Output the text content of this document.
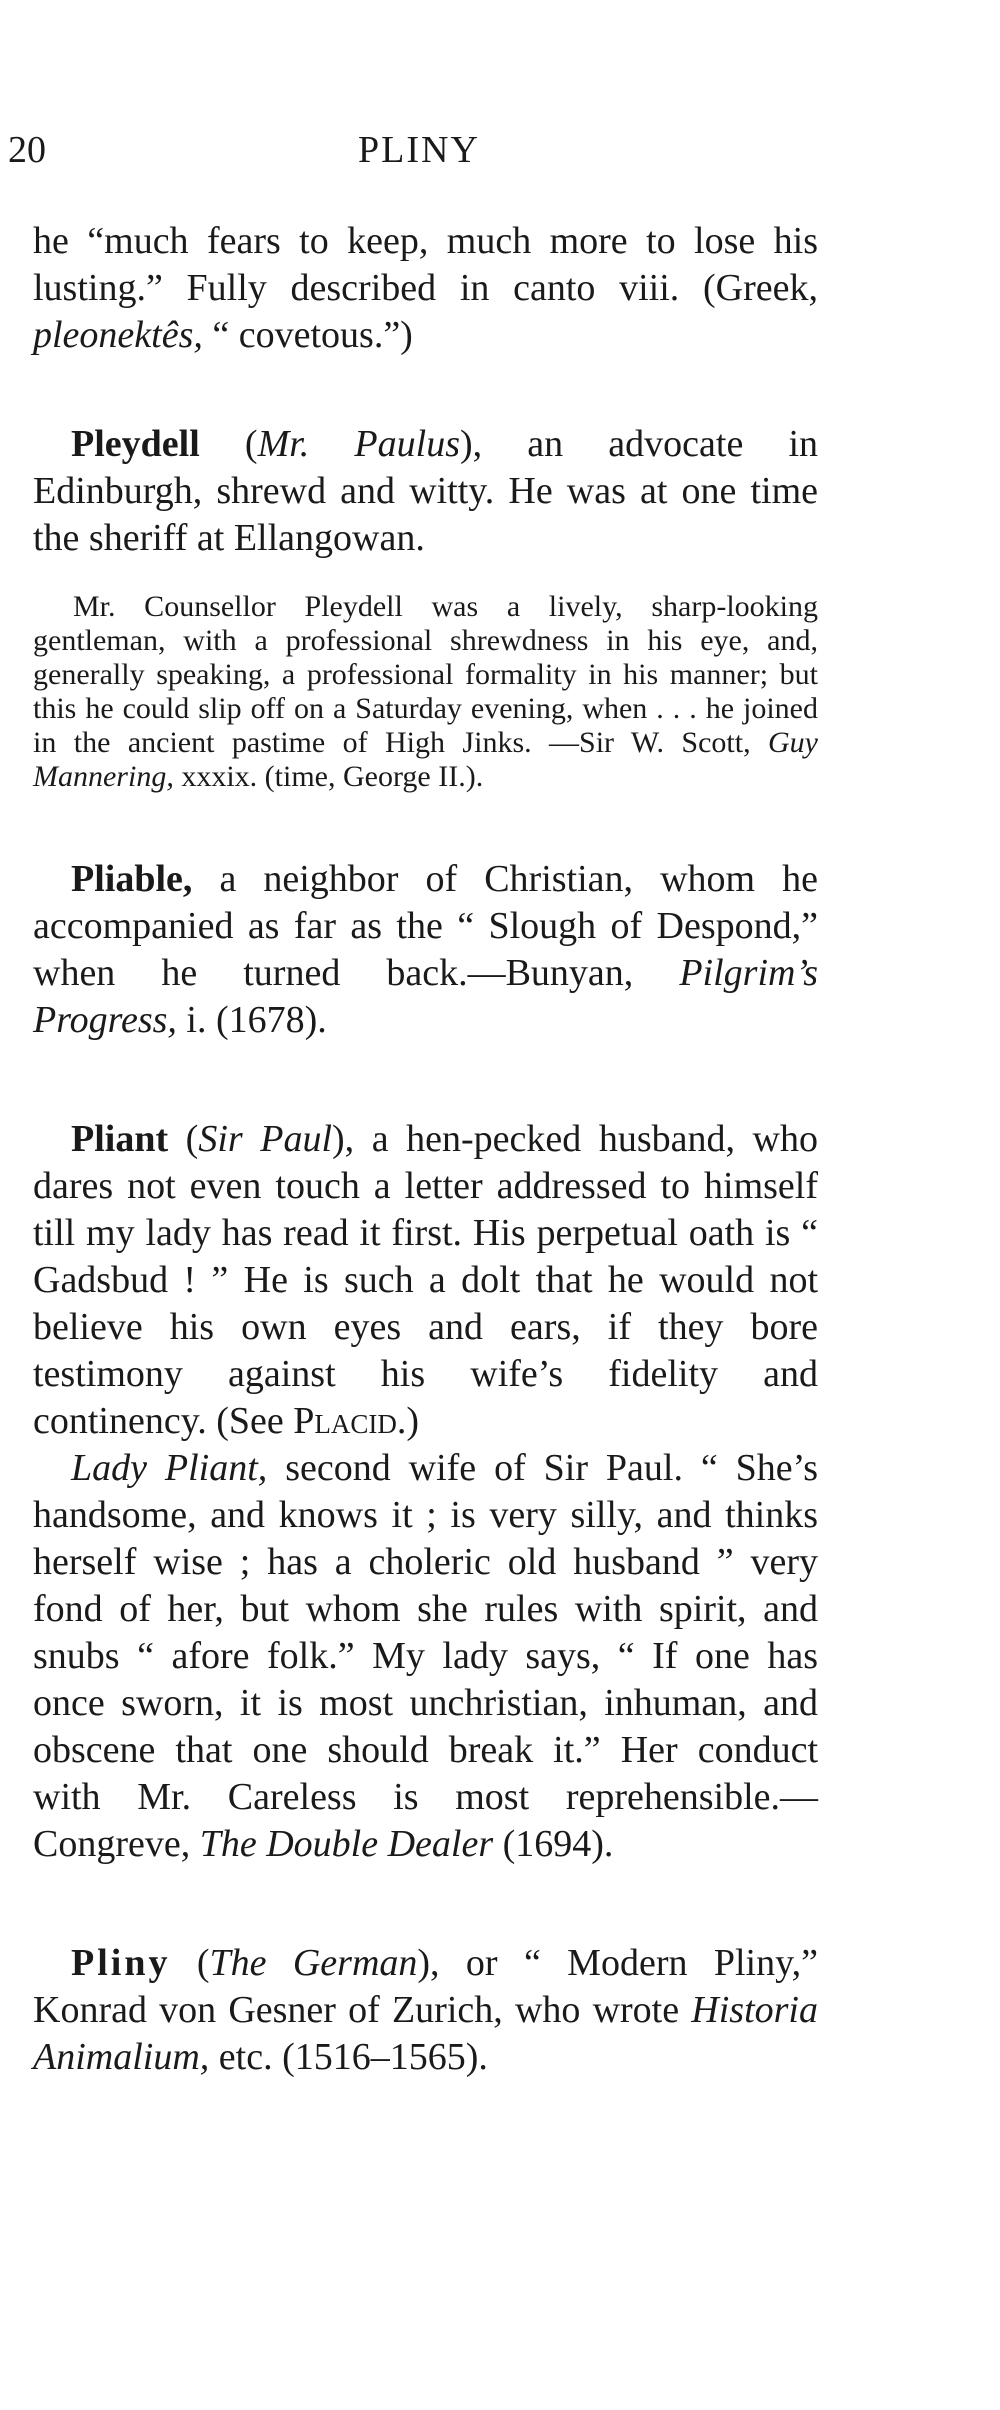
20	PLINY

he “much fears to keep, much more to lose his lusting.” Fully described in canto viii. (Greek, pleonektês, “ covetous.”)

Pleydell (Mr. Paulus), an advocate in Edinburgh, shrewd and witty. He was at one time the sheriff at Ellangowan.

Mr. Counsellor Pleydell was a lively, sharp-looking gentleman, with a professional shrewdness in his eye, and, generally speaking, a professional formality in his manner; but this he could slip off on a Saturday evening, when . . . he joined in the ancient pastime of High Jinks. —Sir W. Scott, Guy Mannering, xxxix. (time, George II.).

Pliable, a neighbor of Christian, whom he accompanied as far as the “ Slough of Despond,” when he turned back.—Bunyan, Pilgrim’s Progress, i. (1678).

Pliant (Sir Paul), a hen-pecked husband, who dares not even touch a letter addressed to himself till my lady has read it first. His perpetual oath is “ Gadsbud ! ” He is such a dolt that he would not believe his own eyes and ears, if they bore testimony against his wife’s fidelity and continency. (See Placid.)

Lady Pliant, second wife of Sir Paul. “ She’s handsome, and knows it ; is very silly, and thinks herself wise ; has a choleric old husband ” very fond of her, but whom she rules with spirit, and snubs “ afore folk.” My lady says, “ If one has once sworn, it is most unchristian, inhuman, and obscene that one should break it.” Her conduct with Mr. Careless is most reprehensible.—Congreve, The Double Dealer (1694).

Pliny (The German), or “ Modern Pliny,” Konrad von Gesner of Zurich, who wrote Historia Animalium, etc. (1516–1565).
